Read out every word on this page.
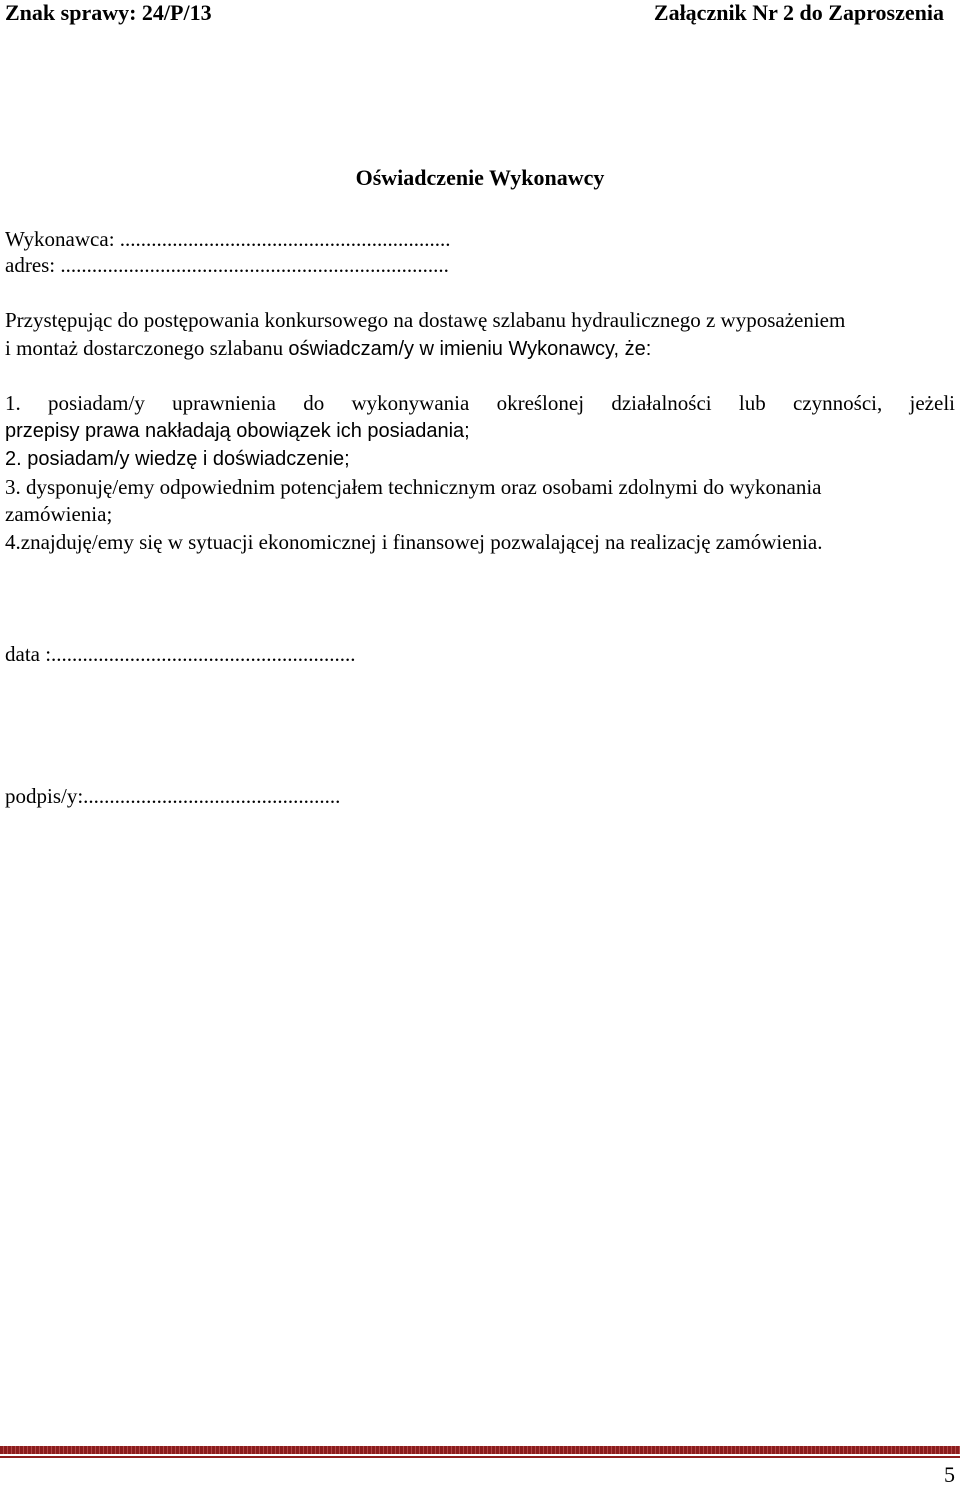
Znak sprawy: 24/P/13	Załącznik Nr 2 do Zaproszenia
Oświadczenie Wykonawcy
Wykonawca: ...............................................................
adres: ..........................................................................
Przystępując do postępowania konkursowego na dostawę szlabanu hydraulicznego z wyposażeniem
i montaż dostarczonego szlabanu oświadczam/y w imieniu Wykonawcy, że:
1. posiadam/y uprawnienia do wykonywania określonej działalności lub czynności, jeżeli
przepisy prawa nakładają obowiązek ich posiadania;
2. posiadam/y wiedzę i doświadczenie;
3. dysponuję/emy odpowiednim potencjałem technicznym oraz osobami zdolnymi do wykonania
zamówienia;
4.znajduję/emy się w sytuacji ekonomicznej i finansowej pozwalającej na realizację zamówienia.
data :..........................................................
podpis/y:.................................................
5
